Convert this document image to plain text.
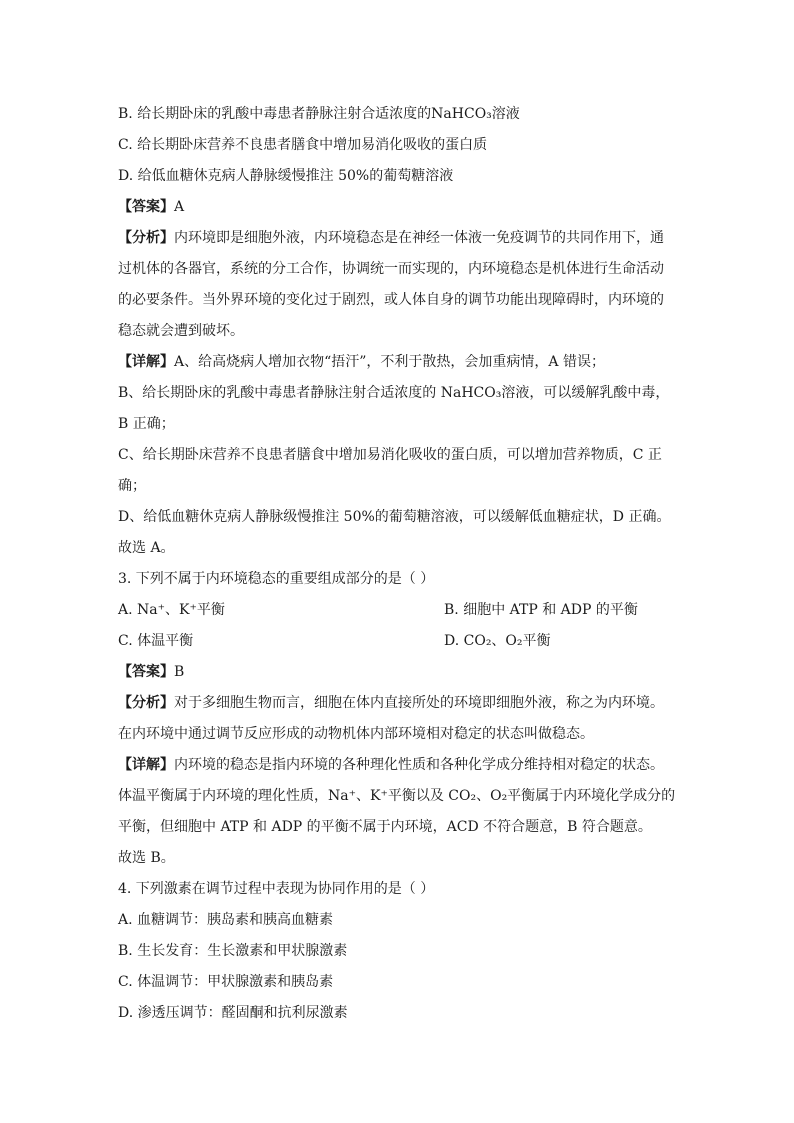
B. 给长期卧床的乳酸中毒患者静脉注射合适浓度的NaHCO₃溶液
C. 给长期卧床营养不良患者膳食中增加易消化吸收的蛋白质
D. 给低血糖休克病人静脉缓慢推注 50%的葡萄糖溶液
【答案】A
【分析】内环境即是细胞外液，内环境稳态是在神经一体液一免疫调节的共同作用下，通
过机体的各器官，系统的分工合作，协调统一而实现的，内环境稳态是机体进行生命活动
的必要条件。当外界环境的变化过于剧烈，或人体自身的调节功能出现障碍时，内环境的
稳态就会遭到破坏。
【详解】A、给高烧病人增加衣物“捂汗”，不利于散热，会加重病情，A 错误；
B、给长期卧床的乳酸中毒患者静脉注射合适浓度的 NaHCO₃溶液，可以缓解乳酸中毒，
B 正确；
C、给长期卧床营养不良患者膳食中增加易消化吸收的蛋白质，可以增加营养物质，C 正
确；
D、给低血糖休克病人静脉级慢推注 50%的葡萄糖溶液，可以缓解低血糖症状，D 正确。
故选 A。
3. 下列不属于内环境稳态的重要组成部分的是（ ）
A. Na⁺、K⁺平衡	B. 细胞中 ATP 和 ADP 的平衡
C. 体温平衡	D. CO₂、O₂平衡
【答案】B
【分析】对于多细胞生物而言，细胞在体内直接所处的环境即细胞外液，称之为内环境。
在内环境中通过调节反应形成的动物机体内部环境相对稳定的状态叫做稳态。
【详解】内环境的稳态是指内环境的各种理化性质和各种化学成分维持相对稳定的状态。
体温平衡属于内环境的理化性质，Na⁺、K⁺平衡以及 CO₂、O₂平衡属于内环境化学成分的
平衡，但细胞中 ATP 和 ADP 的平衡不属于内环境，ACD 不符合题意，B 符合题意。
故选 B。
4. 下列激素在调节过程中表现为协同作用的是（ ）
A. 血糖调节：胰岛素和胰高血糖素
B. 生长发育：生长激素和甲状腺激素
C. 体温调节：甲状腺激素和胰岛素
D. 渗透压调节：醛固酮和抗利尿激素
